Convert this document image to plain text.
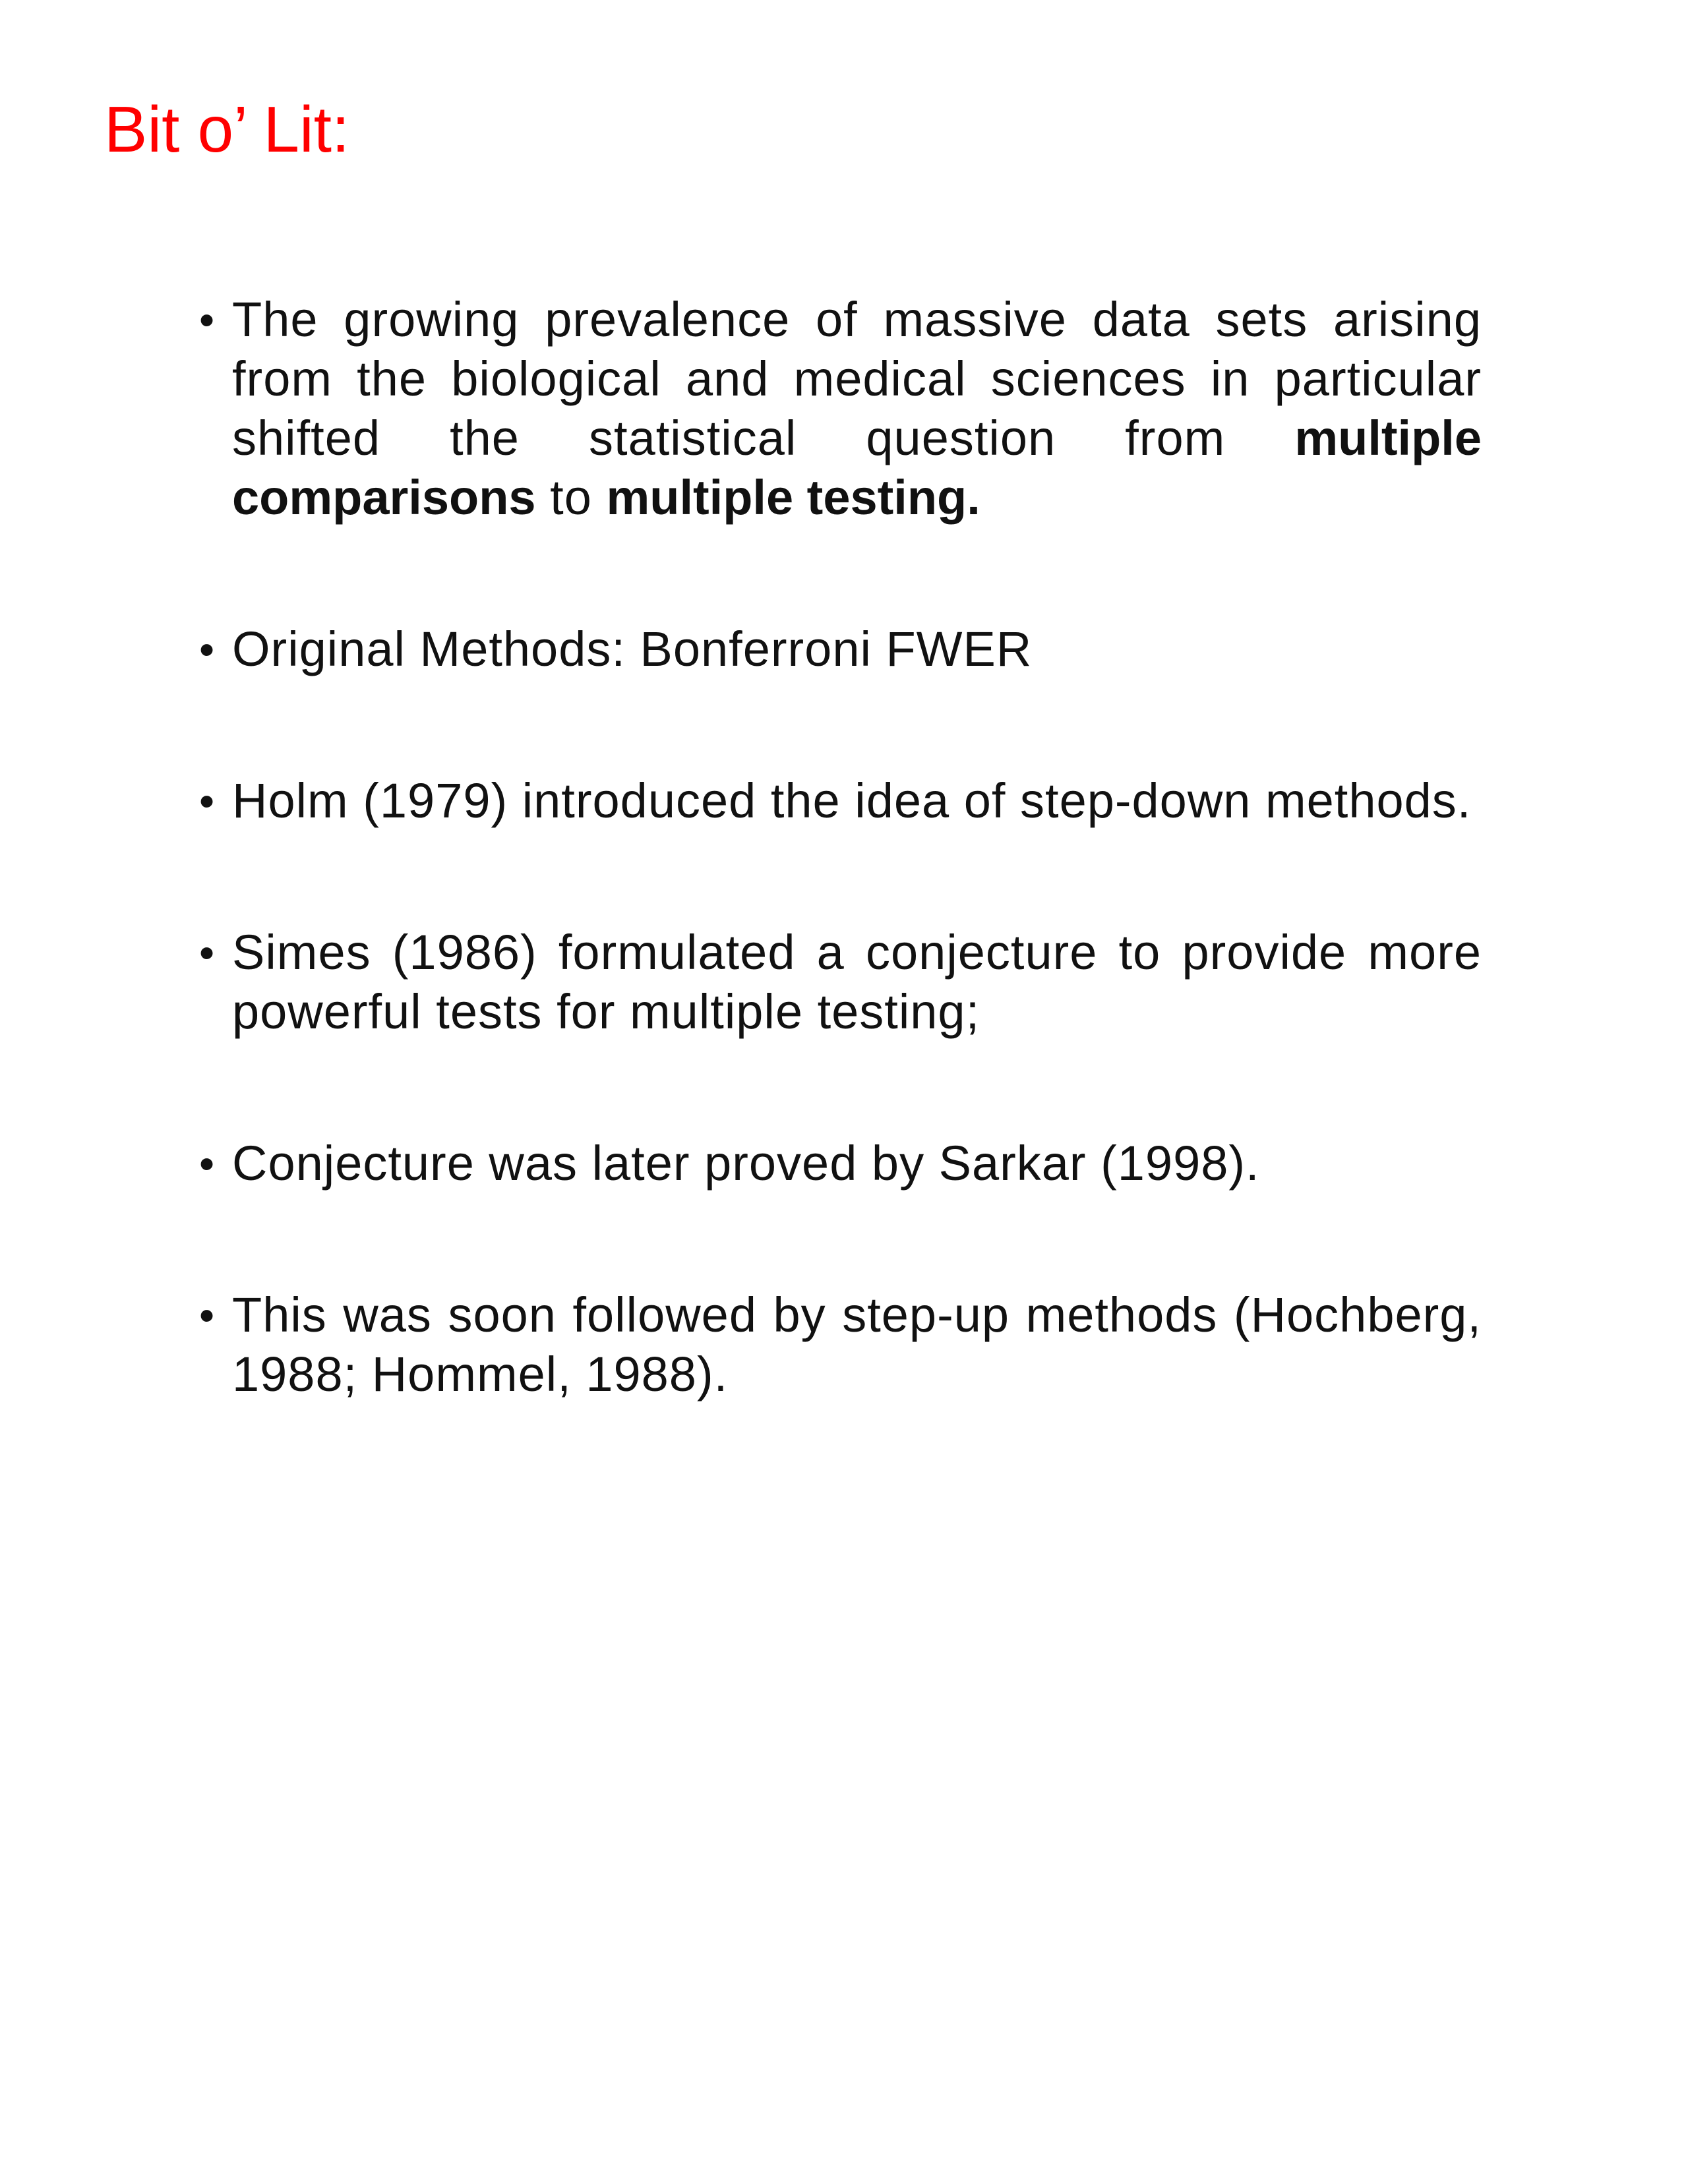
Bit o’ Lit:
• The growing prevalence of massive data sets arising from the biological and medical sciences in particular shifted the statistical question from multiple comparisons to multiple testing.
• Original Methods: Bonferroni FWER
• Holm (1979) introduced the idea of step-down methods.
• Simes (1986) formulated a conjecture to provide more powerful tests for multiple testing;
• Conjecture was later proved by Sarkar (1998).
• This was soon followed by step-up methods (Hochberg, 1988; Hommel, 1988).
